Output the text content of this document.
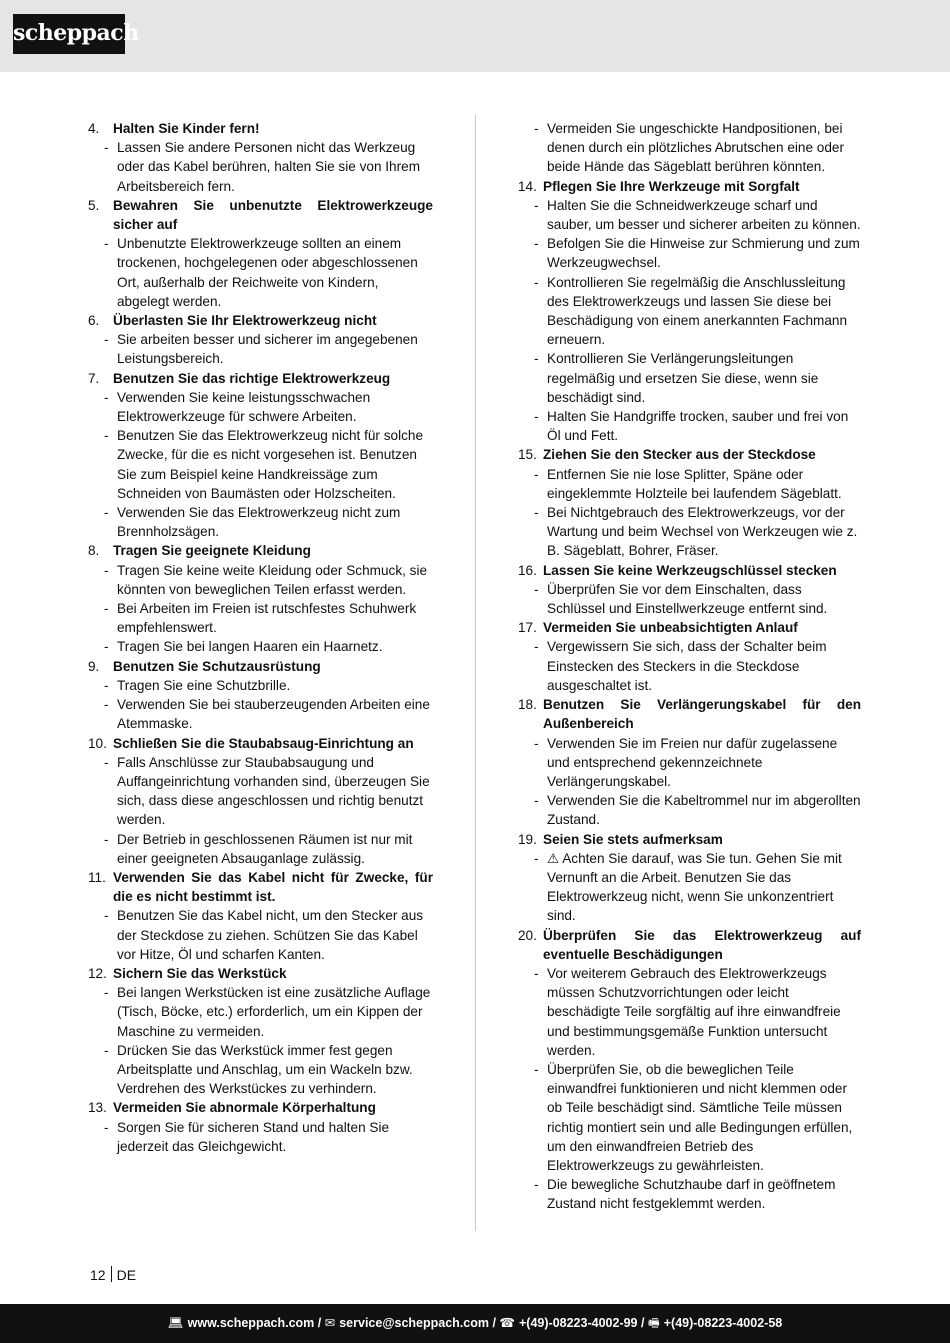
scheppach
4.	Halten Sie Kinder fern!
- Lassen Sie andere Personen nicht das Werkzeug oder das Kabel berühren, halten Sie sie von Ihrem Arbeitsbereich fern.
5.	Bewahren Sie unbenutzte Elektrowerkzeuge sicher auf
- Unbenutzte Elektrowerkzeuge sollten an einem trockenen, hochgelegenen oder abgeschlossenen Ort, außerhalb der Reichweite von Kindern, abgelegt werden.
6.	Überlasten Sie Ihr Elektrowerkzeug nicht
- Sie arbeiten besser und sicherer im angegebenen Leistungsbereich.
7.	Benutzen Sie das richtige Elektrowerkzeug
- Verwenden Sie keine leistungsschwachen Elektrowerkzeuge für schwere Arbeiten.
- Benutzen Sie das Elektrowerkzeug nicht für solche Zwecke, für die es nicht vorgesehen ist. Benutzen Sie zum Beispiel keine Handkreissäge zum Schneiden von Baumästen oder Holzscheiten.
- Verwenden Sie das Elektrowerkzeug nicht zum Brennholzsägen.
8.	Tragen Sie geeignete Kleidung
- Tragen Sie keine weite Kleidung oder Schmuck, sie könnten von beweglichen Teilen erfasst werden.
- Bei Arbeiten im Freien ist rutschfestes Schuhwerk empfehlenswert.
- Tragen Sie bei langen Haaren ein Haarnetz.
9.	Benutzen Sie Schutzausrüstung
- Tragen Sie eine Schutzbrille.
- Verwenden Sie bei stauberzeugenden Arbeiten eine Atemmaske.
10. Schließen Sie die Staubabsaug-Einrichtung an
- Falls Anschlüsse zur Staubabsaugung und Auffangeinrichtung vorhanden sind, überzeugen Sie sich, dass diese angeschlossen und richtig benutzt werden.
- Der Betrieb in geschlossenen Räumen ist nur mit einer geeigneten Absauganlage zulässig.
11. Verwenden Sie das Kabel nicht für Zwecke, für die es nicht bestimmt ist.
- Benutzen Sie das Kabel nicht, um den Stecker aus der Steckdose zu ziehen. Schützen Sie das Kabel vor Hitze, Öl und scharfen Kanten.
12. Sichern Sie das Werkstück
- Bei langen Werkstücken ist eine zusätzliche Auflage (Tisch, Böcke, etc.) erforderlich, um ein Kippen der Maschine zu vermeiden.
- Drücken Sie das Werkstück immer fest gegen Arbeitsplatte und Anschlag, um ein Wackeln bzw. Verdrehen des Werkstückes zu verhindern.
13. Vermeiden Sie abnormale Körperhaltung
- Sorgen Sie für sicheren Stand und halten Sie jederzeit das Gleichgewicht.
- Vermeiden Sie ungeschickte Handpositionen, bei denen durch ein plötzliches Abrutschen eine oder beide Hände das Sägeblatt berühren könnten.
14. Pflegen Sie Ihre Werkzeuge mit Sorgfalt
- Halten Sie die Schneidwerkzeuge scharf und sauber, um besser und sicherer arbeiten zu können.
- Befolgen Sie die Hinweise zur Schmierung und zum Werkzeugwechsel.
- Kontrollieren Sie regelmäßig die Anschlussleitung des Elektrowerkzeugs und lassen Sie diese bei Beschädigung von einem anerkannten Fachmann erneuern.
- Kontrollieren Sie Verlängerungsleitungen regelmäßig und ersetzen Sie diese, wenn sie beschädigt sind.
- Halten Sie Handgriffe trocken, sauber und frei von Öl und Fett.
15. Ziehen Sie den Stecker aus der Steckdose
- Entfernen Sie nie lose Splitter, Späne oder eingeklemmte Holzteile bei laufendem Sägeblatt.
- Bei Nichtgebrauch des Elektrowerkzeugs, vor der Wartung und beim Wechsel von Werkzeugen wie z. B. Sägeblatt, Bohrer, Fräser.
16. Lassen Sie keine Werkzeugschlüssel stecken
- Überprüfen Sie vor dem Einschalten, dass Schlüssel und Einstellwerkzeuge entfernt sind.
17. Vermeiden Sie unbeabsichtigten Anlauf
- Vergewissern Sie sich, dass der Schalter beim Einstecken des Steckers in die Steckdose ausgeschaltet ist.
18. Benutzen Sie Verlängerungskabel für den Außenbereich
- Verwenden Sie im Freien nur dafür zugelassene und entsprechend gekennzeichnete Verlängerungskabel.
- Verwenden Sie die Kabeltrommel nur im abgerollten Zustand.
19. Seien Sie stets aufmerksam
- ⚠ Achten Sie darauf, was Sie tun. Gehen Sie mit Vernunft an die Arbeit. Benutzen Sie das Elektrowerkzeug nicht, wenn Sie unkonzentriert sind.
20. Überprüfen Sie das Elektrowerkzeug auf eventuelle Beschädigungen
- Vor weiterem Gebrauch des Elektrowerkzeugs müssen Schutzvorrichtungen oder leicht beschädigte Teile sorgfältig auf ihre einwandfreie und bestimmungsgemäße Funktion untersucht werden.
- Überprüfen Sie, ob die beweglichen Teile einwandfrei funktionieren und nicht klemmen oder ob Teile beschädigt sind. Sämtliche Teile müssen richtig montiert sein und alle Bedingungen erfüllen, um den einwandfreien Betrieb des Elektrowerkzeugs zu gewährleisten.
- Die bewegliche Schutzhaube darf in geöffnetem Zustand nicht festgeklemmt werden.
12 DE
💻︎ www.scheppach.com / ✉ service@scheppach.com / ☎ +(49)-08223-4002-99 / 🖷︎ +(49)-08223-4002-58
